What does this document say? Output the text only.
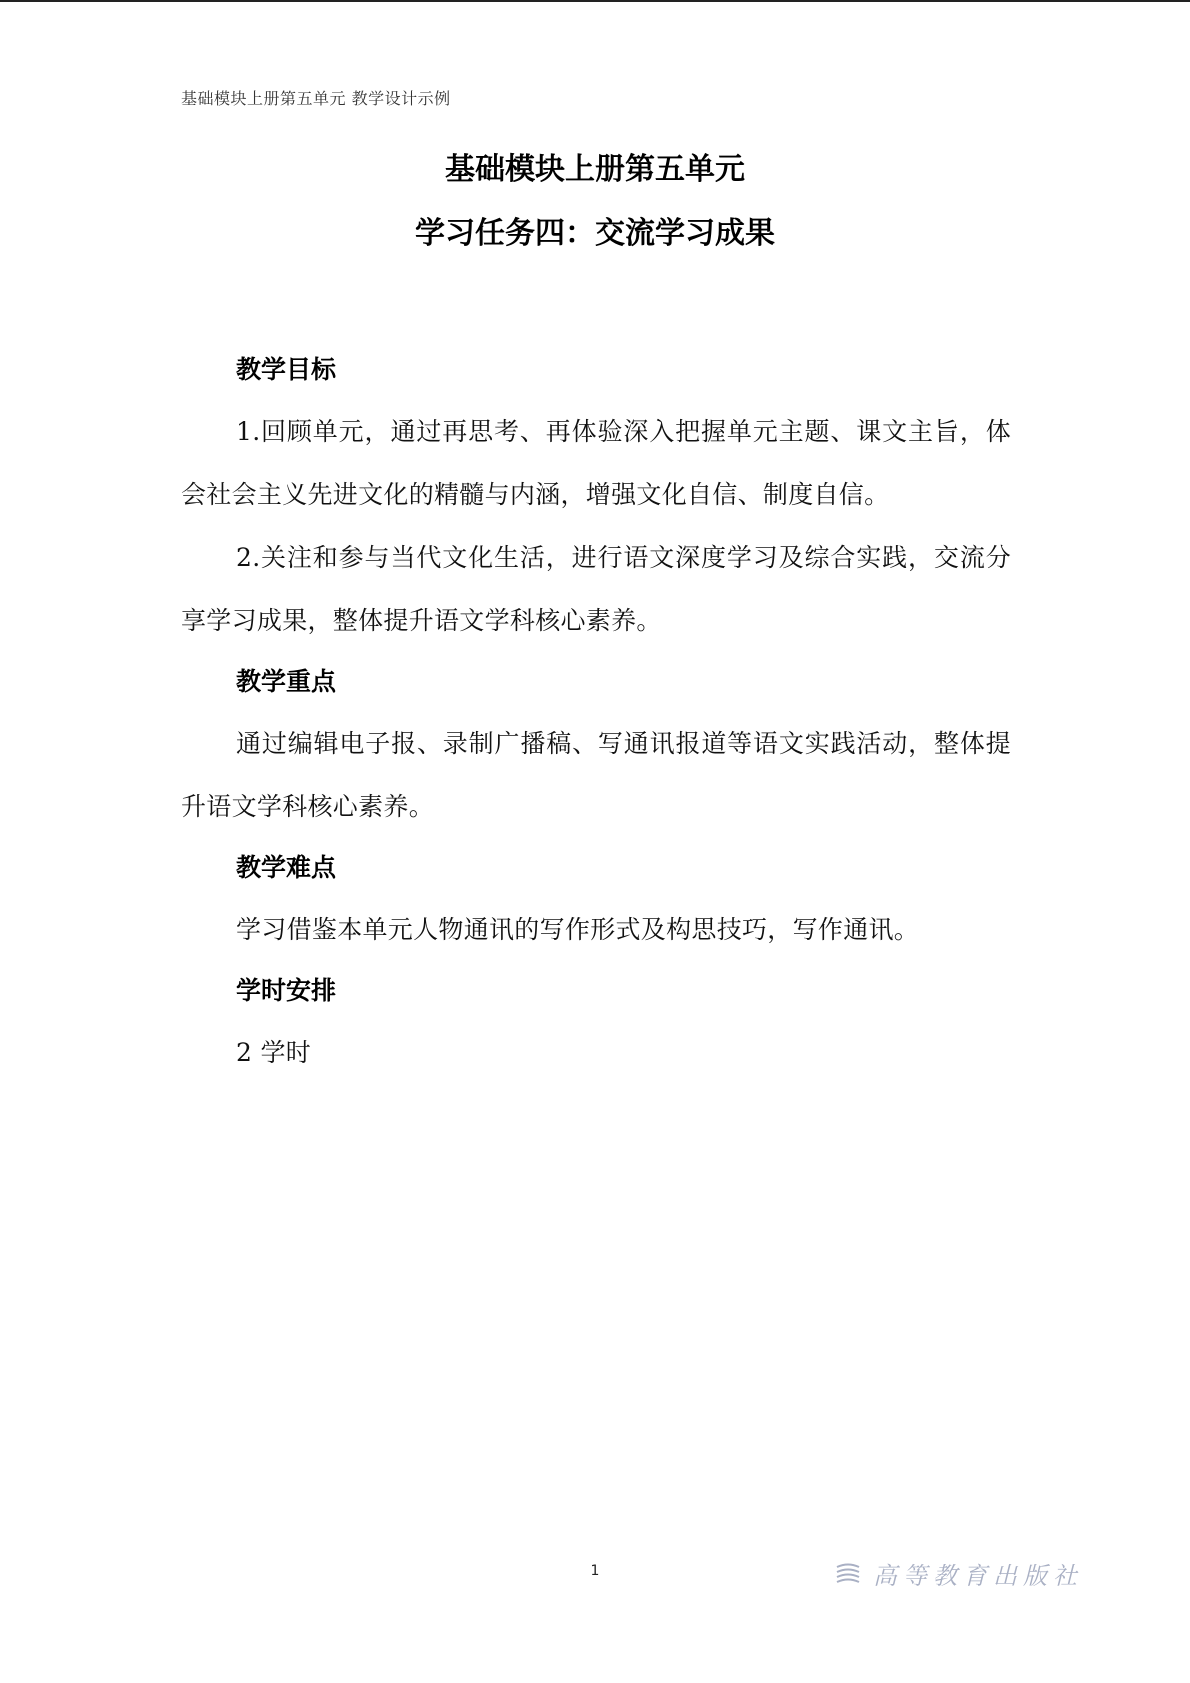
基础模块上册第五单元 教学设计示例
基础模块上册第五单元
学习任务四：交流学习成果
教学目标

1.回顾单元，通过再思考、再体验深入把握单元主题、课文主旨，体会社会主义先进文化的精髓与内涵，增强文化自信、制度自信。

2.关注和参与当代文化生活，进行语文深度学习及综合实践，交流分享学习成果，整体提升语文学科核心素养。

教学重点

通过编辑电子报、录制广播稿、写通讯报道等语文实践活动，整体提升语文学科核心素养。

教学难点

学习借鉴本单元人物通讯的写作形式及构思技巧，写作通讯。

学时安排

2 学时

1	高等教育出版社
